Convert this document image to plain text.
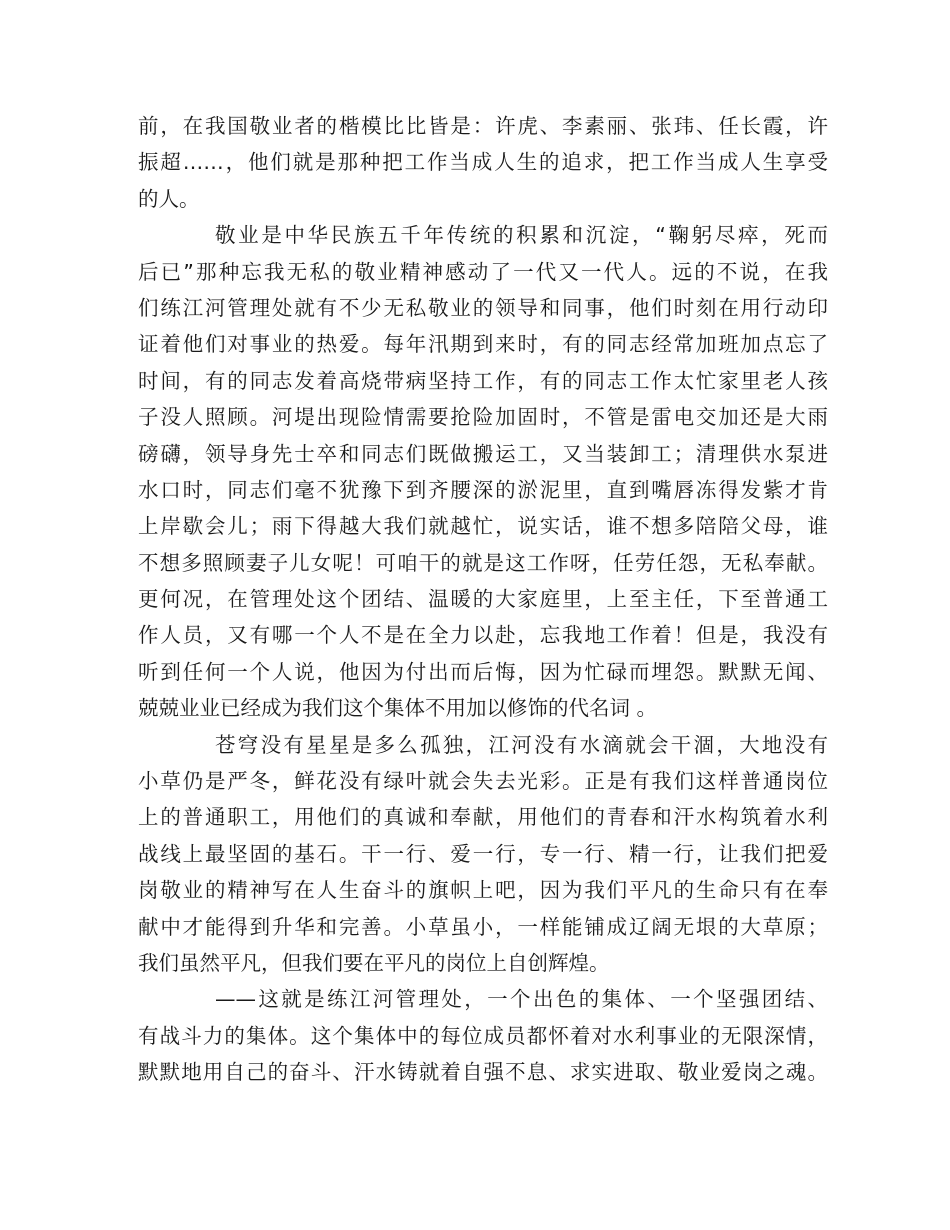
前，在我国敬业者的楷模比比皆是：许虎、李素丽、张玮、任长霞，许
振超……，他们就是那种把工作当成人生的追求，把工作当成人生享受
的人。

敬业是中华民族五千年传统的积累和沉淀，“鞠躬尽瘁，死而
后已”那种忘我无私的敬业精神感动了一代又一代人。远的不说，在我
们练江河管理处就有不少无私敬业的领导和同事，他们时刻在用行动印
证着他们对事业的热爱。每年汛期到来时，有的同志经常加班加点忘了
时间，有的同志发着高烧带病坚持工作，有的同志工作太忙家里老人孩
子没人照顾。河堤出现险情需要抢险加固时，不管是雷电交加还是大雨
磅礴，领导身先士卒和同志们既做搬运工，又当装卸工；清理供水泵进
水口时，同志们毫不犹豫下到齐腰深的淤泥里，直到嘴唇冻得发紫才肯
上岸歇会儿；雨下得越大我们就越忙，说实话，谁不想多陪陪父母，谁
不想多照顾妻子儿女呢！可咱干的就是这工作呀，任劳任怨，无私奉献。
更何况，在管理处这个团结、温暖的大家庭里，上至主任，下至普通工
作人员，又有哪一个人不是在全力以赴，忘我地工作着！但是，我没有
听到任何一个人说，他因为付出而后悔，因为忙碌而埋怨。默默无闻、
兢兢业业已经成为我们这个集体不用加以修饰的代名词 。

苍穹没有星星是多么孤独，江河没有水滴就会干涸，大地没有
小草仍是严冬，鲜花没有绿叶就会失去光彩。正是有我们这样普通岗位
上的普通职工，用他们的真诚和奉献，用他们的青春和汗水构筑着水利
战线上最坚固的基石。干一行、爱一行，专一行、精一行，让我们把爱
岗敬业的精神写在人生奋斗的旗帜上吧，因为我们平凡的生命只有在奉
献中才能得到升华和完善。小草虽小，一样能铺成辽阔无垠的大草原；
我们虽然平凡，但我们要在平凡的岗位上自创辉煌。

——这就是练江河管理处，一个出色的集体、一个坚强团结、
有战斗力的集体。这个集体中的每位成员都怀着对水利事业的无限深情，
默默地用自己的奋斗、汗水铸就着自强不息、求实进取、敬业爱岗之魂。
